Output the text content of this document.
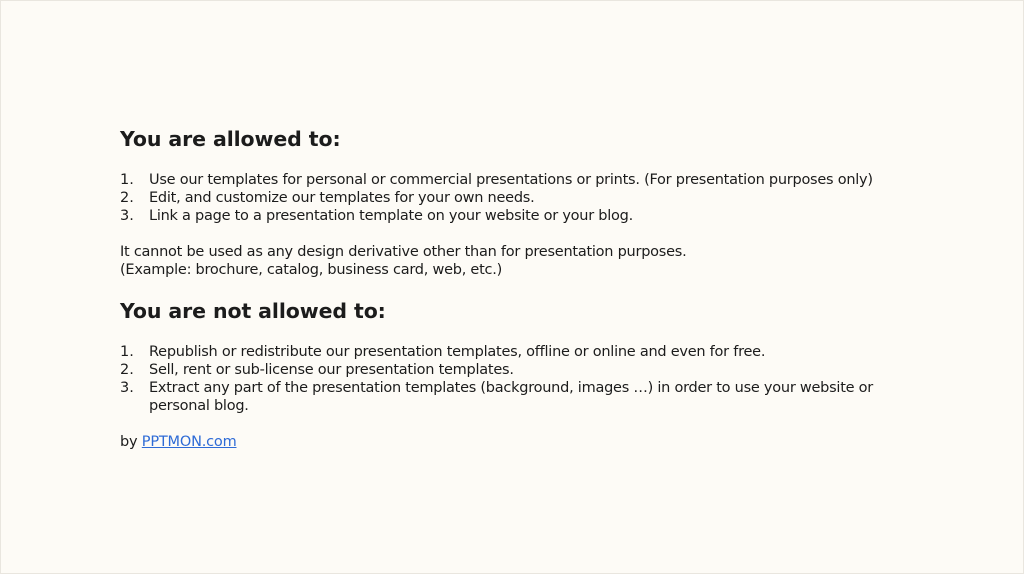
You are allowed to:
1.	Use our templates for personal or commercial presentations or prints. (For presentation purposes only)
2.	Edit, and customize our templates for your own needs.
3.	Link a page to a presentation template on your website or your blog.

It cannot be used as any design derivative other than for presentation purposes.

(Example: brochure, catalog, business card, web, etc.)

You are not allowed to:
1.	Republish or redistribute our presentation templates, offline or online and even for free.
2.	Sell, rent or sub-license our presentation templates.
3.	Extract any part of the presentation templates (background, images …) in order to use your website or personal blog.
by PPTMON.com
